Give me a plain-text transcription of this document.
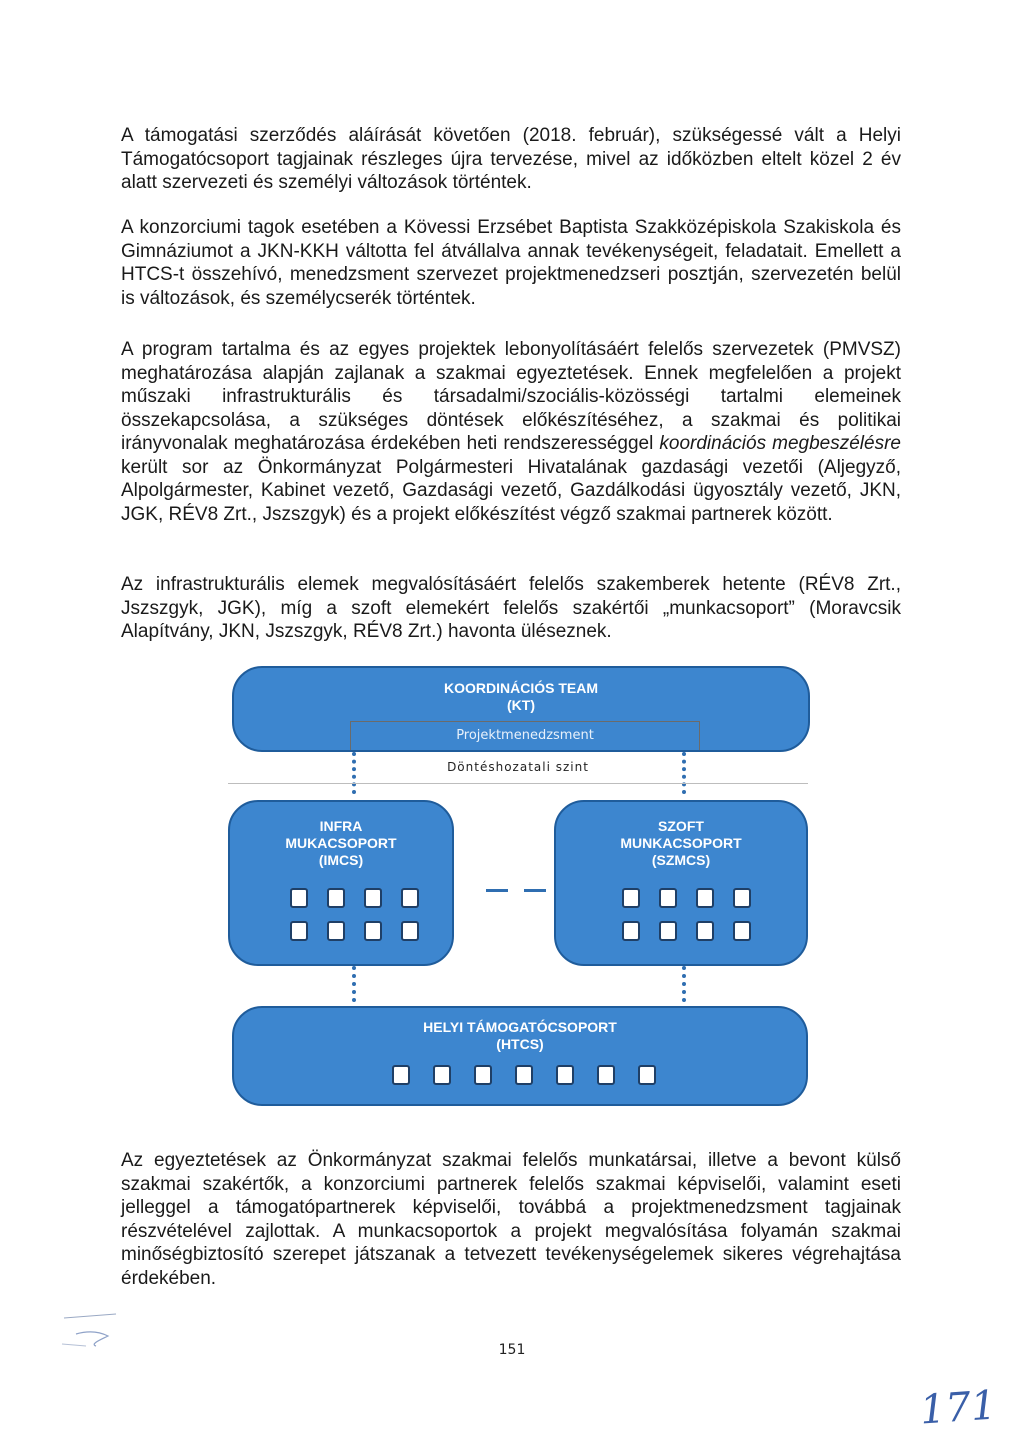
A támogatási szerződés aláírását követően (2018. február), szükségessé vált a Helyi Támogatócsoport tagjainak részleges újra tervezése, mivel az időközben eltelt közel 2 év alatt szervezeti és személyi változások történtek.

A konzorciumi tagok esetében a Kövessi Erzsébet Baptista Szakközépiskola Szakiskola és Gimnáziumot a JKN-KKH váltotta fel átvállalva annak tevékenységeit, feladatait. Emellett a HTCS-t összehívó, menedzsment szervezet projektmenedzseri posztján, szervezetén belül is változások, és személycserék történtek.

A program tartalma és az egyes projektek lebonyolításáért felelős szervezetek (PMVSZ) meghatározása alapján zajlanak a szakmai egyeztetések. Ennek megfelelően a projekt műszaki infrastrukturális és társadalmi/szociális-közösségi tartalmi elemeinek összekapcsolása, a szükséges döntések előkészítéséhez, a szakmai és politikai irányvonalak meghatározása érdekében heti rendszerességgel koordinációs megbeszélésre került sor az Önkormányzat Polgármesteri Hivatalának gazdasági vezetői (Aljegyző, Alpolgármester, Kabinet vezető, Gazdasági vezető, Gazdálkodási ügyosztály vezető, JKN, JGK, RÉV8 Zrt., Jszszgyk) és a projekt előkészítést végző szakmai partnerek között.

Az infrastrukturális elemek megvalósításáért felelős szakemberek hetente (RÉV8 Zrt., Jszszgyk, JGK), míg a szoft elemekért felelős szakértői „munkacsoport” (Moravcsik Alapítvány, JKN, Jszszgyk, RÉV8 Zrt.) havonta üléseznek.

KOORDINÁCIÓS TEAM
(KT)
Projektmenedzsment
Döntéshozatali szint
INFRA
MUKACSOPORT
(IMCS)
SZOFT
MUNKACSOPORT
(SZMCS)
HELYI TÁMOGATÓCSOPORT
(HTCS)

Az egyeztetések az Önkormányzat szakmai felelős munkatársai, illetve a bevont külső szakmai szakértők, a konzorciumi partnerek felelős szakmai képviselői, valamint eseti jelleggel a támogatópartnerek képviselői, továbbá a projektmenedzsment tagjainak részvételével zajlottak. A munkacsoportok a projekt megvalósítása folyamán szakmai minőségbiztosító szerepet játszanak a tetvezett tevékenységelemek sikeres végrehajtása érdekében.

151
171
